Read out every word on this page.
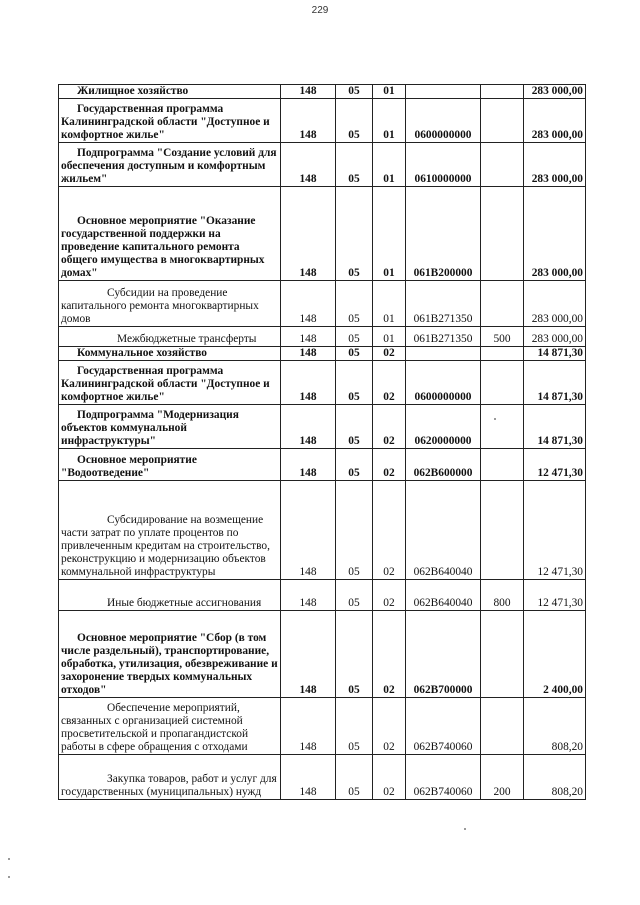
229
Жилищное хозяйство	148	05	01			283 000,00
Государственная программа Калининградской области "Доступное и комфортное жилье"	148	05	01	0600000000		283 000,00
Подпрограмма "Создание условий для обеспечения доступным и комфортным жильем"	148	05	01	0610000000		283 000,00
Основное мероприятие "Оказание государственной поддержки на проведение капитального ремонта общего имущества в многоквартирных домах"	148	05	01	061B200000		283 000,00
Субсидии на проведение капитального ремонта многоквартирных домов	148	05	01	061B271350		283 000,00
Межбюджетные трансферты	148	05	01	061B271350	500	283 000,00
Коммунальное хозяйство	148	05	02			14 871,30
Государственная программа Калининградской области "Доступное и комфортное жилье"	148	05	02	0600000000		14 871,30
Подпрограмма "Модернизация объектов коммунальной инфраструктуры"	148	05	02	0620000000		14 871,30
Основное мероприятие "Водоотведение"	148	05	02	062B600000		12 471,30
Субсидирование на возмещение части затрат по уплате процентов по привлеченным кредитам на строительство, реконструкцию и модернизацию объектов коммунальной инфраструктуры	148	05	02	062B640040		12 471,30
Иные бюджетные ассигнования	148	05	02	062B640040	800	12 471,30
Основное мероприятие "Сбор (в том числе раздельный), транспортирование, обработка, утилизация, обезвреживание и захоронение твердых коммунальных отходов"	148	05	02	062B700000		2 400,00
Обеспечение мероприятий, связанных с организацией системной просветительской и пропагандистской работы в сфере обращения с отходами	148	05	02	062B740060		808,20
Закупка товаров, работ и услуг для государственных (муниципальных) нужд	148	05	02	062B740060	200	808,20
